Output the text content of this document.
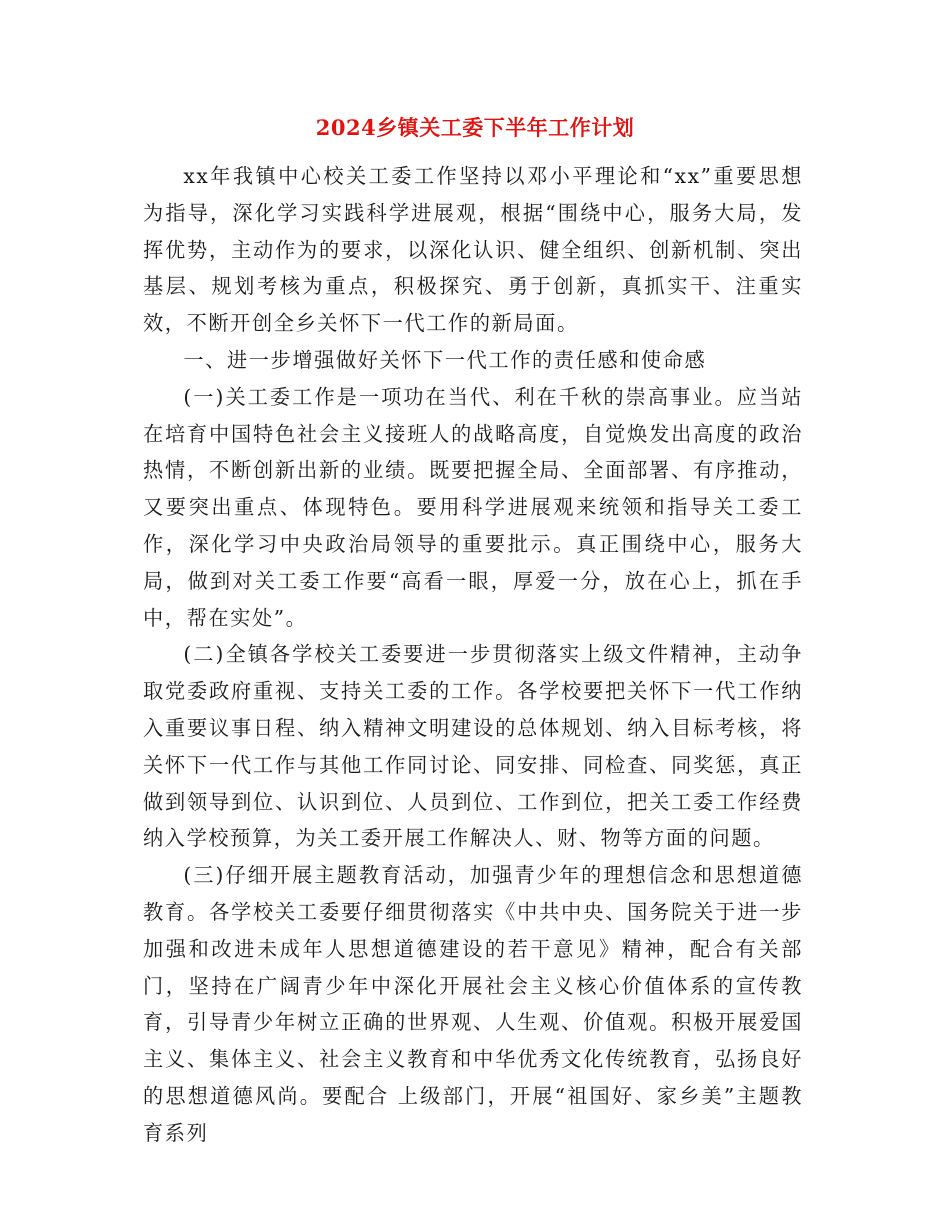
2024乡镇关工委下半年工作计划

xx年我镇中心校关工委工作坚持以邓小平理论和“xx”重要思想为指导，深化学习实践科学进展观，根据“围绕中心，服务大局，发挥优势，主动作为的要求，以深化认识、健全组织、创新机制、突出基层、规划考核为重点，积极探究、勇于创新，真抓实干、注重实效，不断开创全乡关怀下一代工作的新局面。

一、进一步增强做好关怀下一代工作的责任感和使命感

(一)关工委工作是一项功在当代、利在千秋的崇高事业。应当站在培育中国特色社会主义接班人的战略高度，自觉焕发出高度的政治热情，不断创新出新的业绩。既要把握全局、全面部署、有序推动，又要突出重点、体现特色。要用科学进展观来统领和指导关工委工作，深化学习中央政治局领导的重要批示。真正围绕中心，服务大局，做到对关工委工作要“高看一眼，厚爱一分，放在心上，抓在手中，帮在实处”。

(二)全镇各学校关工委要进一步贯彻落实上级文件精神，主动争取党委政府重视、支持关工委的工作。各学校要把关怀下一代工作纳入重要议事日程、纳入精神文明建设的总体规划、纳入目标考核，将关怀下一代工作与其他工作同讨论、同安排、同检查、同奖惩，真正做到领导到位、认识到位、人员到位、工作到位，把关工委工作经费纳入学校预算，为关工委开展工作解决人、财、物等方面的问题。

(三)仔细开展主题教育活动，加强青少年的理想信念和思想道德教育。各学校关工委要仔细贯彻落实《中共中央、国务院关于进一步加强和改进未成年人思想道德建设的若干意见》精神，配合有关部门，坚持在广阔青少年中深化开展社会主义核心价值体系的宣传教育，引导青少年树立正确的世界观、人生观、价值观。积极开展爱国主义、集体主义、社会主义教育和中华优秀文化传统教育，弘扬良好的思想道德风尚。要配合 上级部门，开展“祖国好、家乡美”主题教育系列
